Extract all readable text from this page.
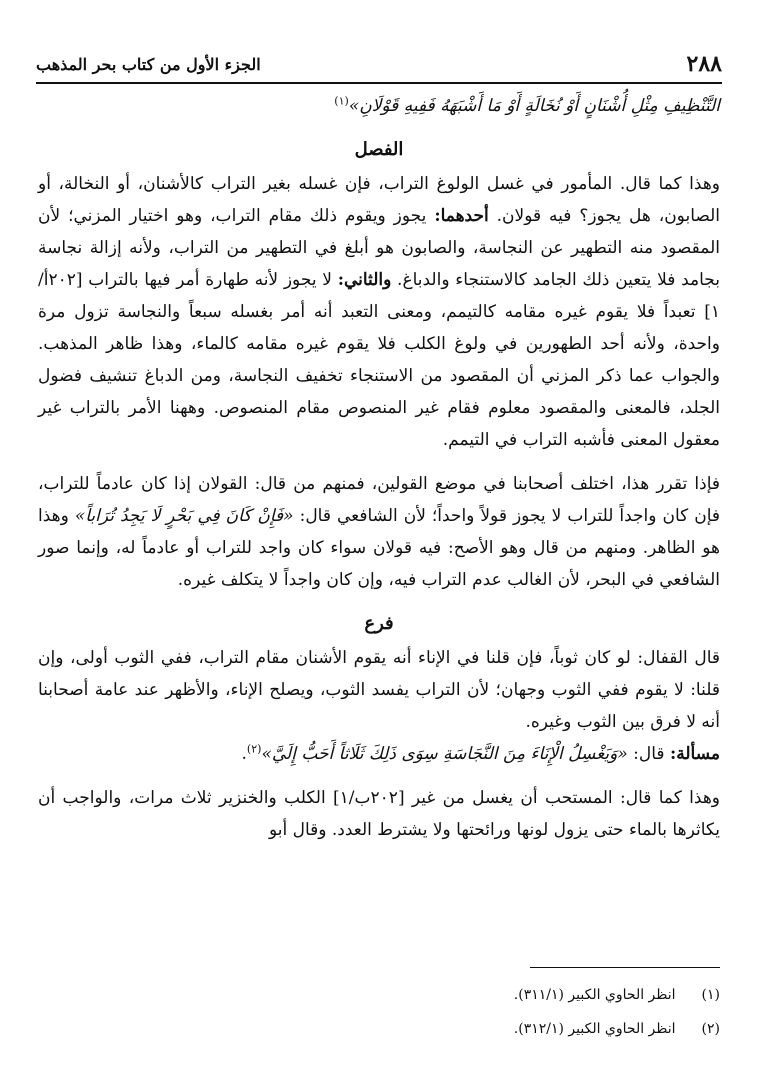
٢٨٨
الجزء الأول من كتاب بحر المذهب

التَّنْظِيفِ مِثْلِ أُشْنَانٍ أَوْ نُخَالَةٍ أَوْ مَا أَشْبَهَهُ فَفِيهِ قَوْلَانِ»$^{(١)}$

الفصل

وهذا كما قال. المأمور في غسل الولوغ التراب، فإن غسله بغير التراب كالأشنان، أو النخالة، أو الصابون، هل يجوز؟ فيه قولان. أحدهما: يجوز ويقوم ذلك مقام التراب، وهو اختيار المزني؛ لأن المقصود منه التطهير عن النجاسة، والصابون هو أبلغ في التطهير من التراب، ولأنه إزالة نجاسة بجامد فلا يتعين ذلك الجامد كالاستنجاء والدباغ. والثاني: لا يجوز لأنه طهارة أمر فيها بالتراب [٢٠٢أ/١] تعبداً فلا يقوم غيره مقامه كالتيمم، ومعنى التعبد أنه أمر بغسله سبعاً والنجاسة تزول مرة واحدة، ولأنه أحد الطهورين في ولوغ الكلب فلا يقوم غيره مقامه كالماء، وهذا ظاهر المذهب. والجواب عما ذكر المزني أن المقصود من الاستنجاء تخفيف النجاسة، ومن الدباغ تنشيف فضول الجلد، فالمعنى والمقصود معلوم فقام غير المنصوص مقام المنصوص. وههنا الأمر بالتراب غير معقول المعنى فأشبه التراب في التيمم.

فإذا تقرر هذا، اختلف أصحابنا في موضع القولين، فمنهم من قال: القولان إذا كان عادماً للتراب، فإن كان واجداً للتراب لا يجوز قولاً واحداً؛ لأن الشافعي قال: «فَإِنْ كَانَ فِي بَحْرٍ لَا يَجِدُ تُرَاباً» وهذا هو الظاهر. ومنهم من قال وهو الأصح: فيه قولان سواء كان واجد للتراب أو عادماً له، وإنما صور الشافعي في البحر، لأن الغالب عدم التراب فيه، وإن كان واجداً لا يتكلف غيره.

فرع

قال القفال: لو كان ثوباً، فإن قلنا في الإناء أنه يقوم الأشنان مقام التراب، ففي الثوب أولى، وإن قلنا: لا يقوم ففي الثوب وجهان؛ لأن التراب يفسد الثوب، ويصلح الإناء، والأظهر عند عامة أصحابنا أنه لا فرق بين الثوب وغيره.

مسألة: قال: «وَيَغْسِلُ الْإِنَاءَ مِنَ النَّجَاسَةِ سِوَى ذَلِكَ ثَلَاثاً أَحَبُّ إِلَيَّ»$^{(٢)}$.

وهذا كما قال: المستحب أن يغسل من غير [٢٠٢ب/١] الكلب والخنزير ثلاث مرات، والواجب أن يكاثرها بالماء حتى يزول لونها ورائحتها ولا يشترط العدد. وقال أبو

(١) انظر الحاوي الكبير (٣١١/١).
(٢) انظر الحاوي الكبير (٣١٢/١).
